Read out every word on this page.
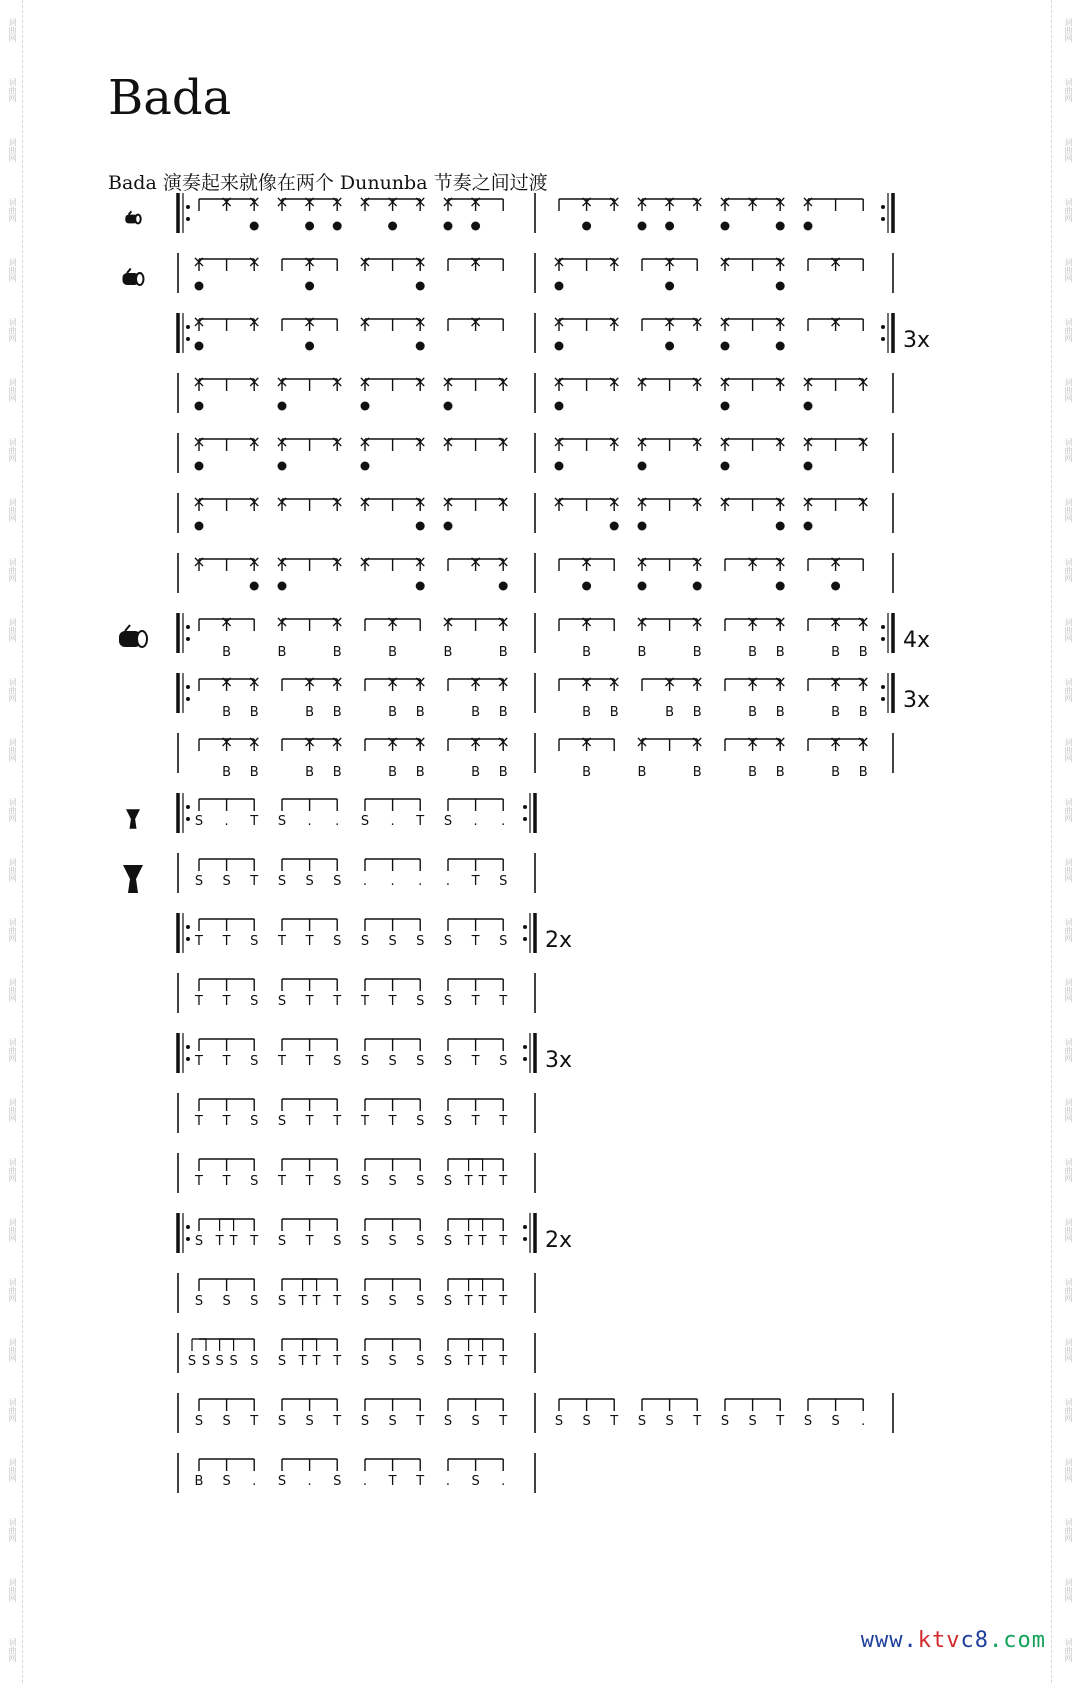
词曲网
词曲网
词曲网
词曲网
词曲网
词曲网
词曲网
词曲网
词曲网
词曲网
词曲网
词曲网
词曲网
词曲网
词曲网
词曲网
词曲网
词曲网
词曲网
词曲网
词曲网
词曲网
词曲网
词曲网
词曲网
词曲网
词曲网
词曲网
词曲网
词曲网
词曲网
词曲网
词曲网
词曲网
词曲网
词曲网
词曲网
词曲网
词曲网
词曲网
词曲网
词曲网
词曲网
词曲网
词曲网
词曲网
词曲网
词曲网
词曲网
词曲网
词曲网
词曲网
词曲网
词曲网
词曲网
词曲网
Bada
Bada 演奏起来就像在两个 Dununba 节奏之间过渡
× × × × × × × × × ×	× × × × × × × × ×
×	×	×	×	×	×	×	×	×	×	×	×
3x
×	×	×	×	×	×	×	×	× × ×	×	×
×	× ×	× ×	× ×	×	×	× ×	× ×	× ×	×
×	× ×	× ×	× ×	×	×	× ×	× ×	× ×	×
×	× ×	× ×	× ×	×	×	× ×	× ×	× ×	×
×	× ×	× ×	×	× ×	×	×	×	× ×	×
4x
×
B
×
B
×
B
×
B
×
B
×
B
×
B
×
B
×
B
×
B
×
B
×
B
×
B
3x
×
B
×
B
×
B
×
B
×
B
×
B
×
B
×
B
×
B
×
B
×
B
×
B
×
B
×
B
×
B
×
B
×
B
×
B
×
B
×
B
×
B
×
B
×
B
×
B
×
B
×
B
×
B
×
B
×
B
×
B
×
B
S . T S . . S . T S . .
S S T S S S . . . . T S
2x
T T S T T S S S S S T S
T T S S T T T T S S T T
3x
T T S T T S S S S S T S
T T S S T T T T S S T T
T T S T T S S S S S T T T
2x
S T T T S T S S S S S T T T
S S S S T T T S S S S T T T
S S S S S S T T T S S S S T T T
S S T S S T S S T S S T	S S T S S T S S T S S .
B S . S . S . T T . S .
www.ktvc8.com
